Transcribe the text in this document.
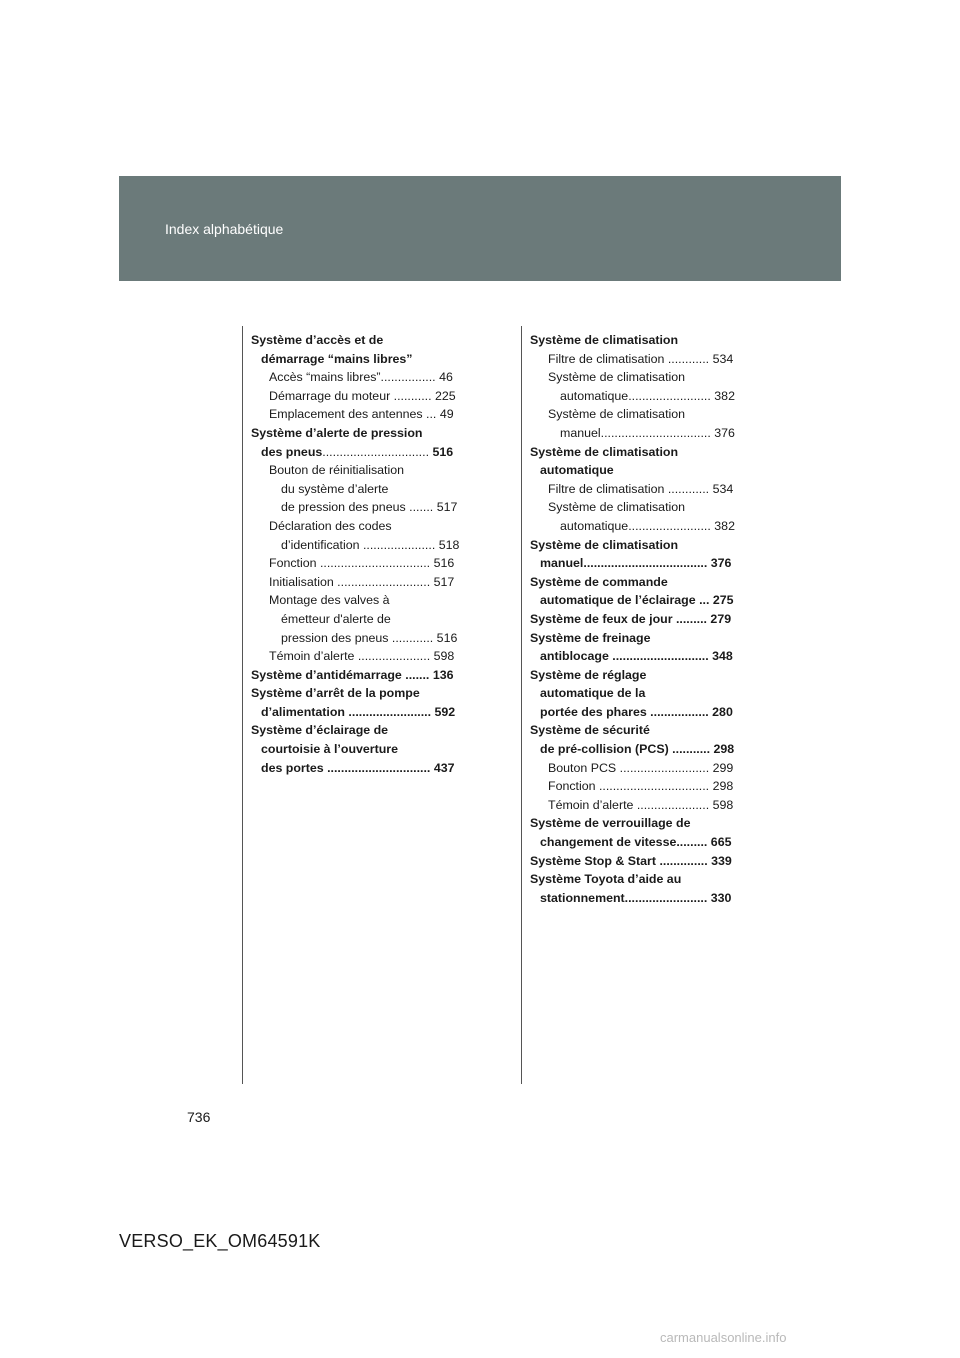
Index alphabétique
Système d’accès et de
démarrage “mains libres”
Accès “mains libres”................ 46
Démarrage du moteur ........... 225
Emplacement des antennes ... 49
Système d’alerte de pression
des pneus............................... 516
Bouton de réinitialisation
du système d’alerte
de pression des pneus ....... 517
Déclaration des codes
d’identification ..................... 518
Fonction ................................ 516
Initialisation ........................... 517
Montage des valves à
émetteur d'alerte de
pression des pneus ............ 516
Témoin d’alerte ..................... 598
Système d’antidémarrage ....... 136
Système d’arrêt de la pompe
d’alimentation ........................ 592
Système d’éclairage de
courtoisie à l’ouverture
des portes .............................. 437
Système de climatisation
Filtre de climatisation ............ 534
Système de climatisation
automatique........................ 382
Système de climatisation
manuel................................ 376
Système de climatisation
automatique
Filtre de climatisation ............ 534
Système de climatisation
automatique........................ 382
Système de climatisation
manuel.................................... 376
Système de commande
automatique de l’éclairage ... 275
Système de feux de jour ......... 279
Système de freinage
antiblocage ............................ 348
Système de réglage
automatique de la
portée des phares ................. 280
Système de sécurité
de pré-collision (PCS) ........... 298
Bouton PCS .......................... 299
Fonction ................................ 298
Témoin d’alerte ..................... 598
Système de verrouillage de
changement de vitesse......... 665
Système Stop & Start .............. 339
Système Toyota d’aide au
stationnement........................ 330
736
VERSO_EK_OM64591K
carmanualsonline.info
